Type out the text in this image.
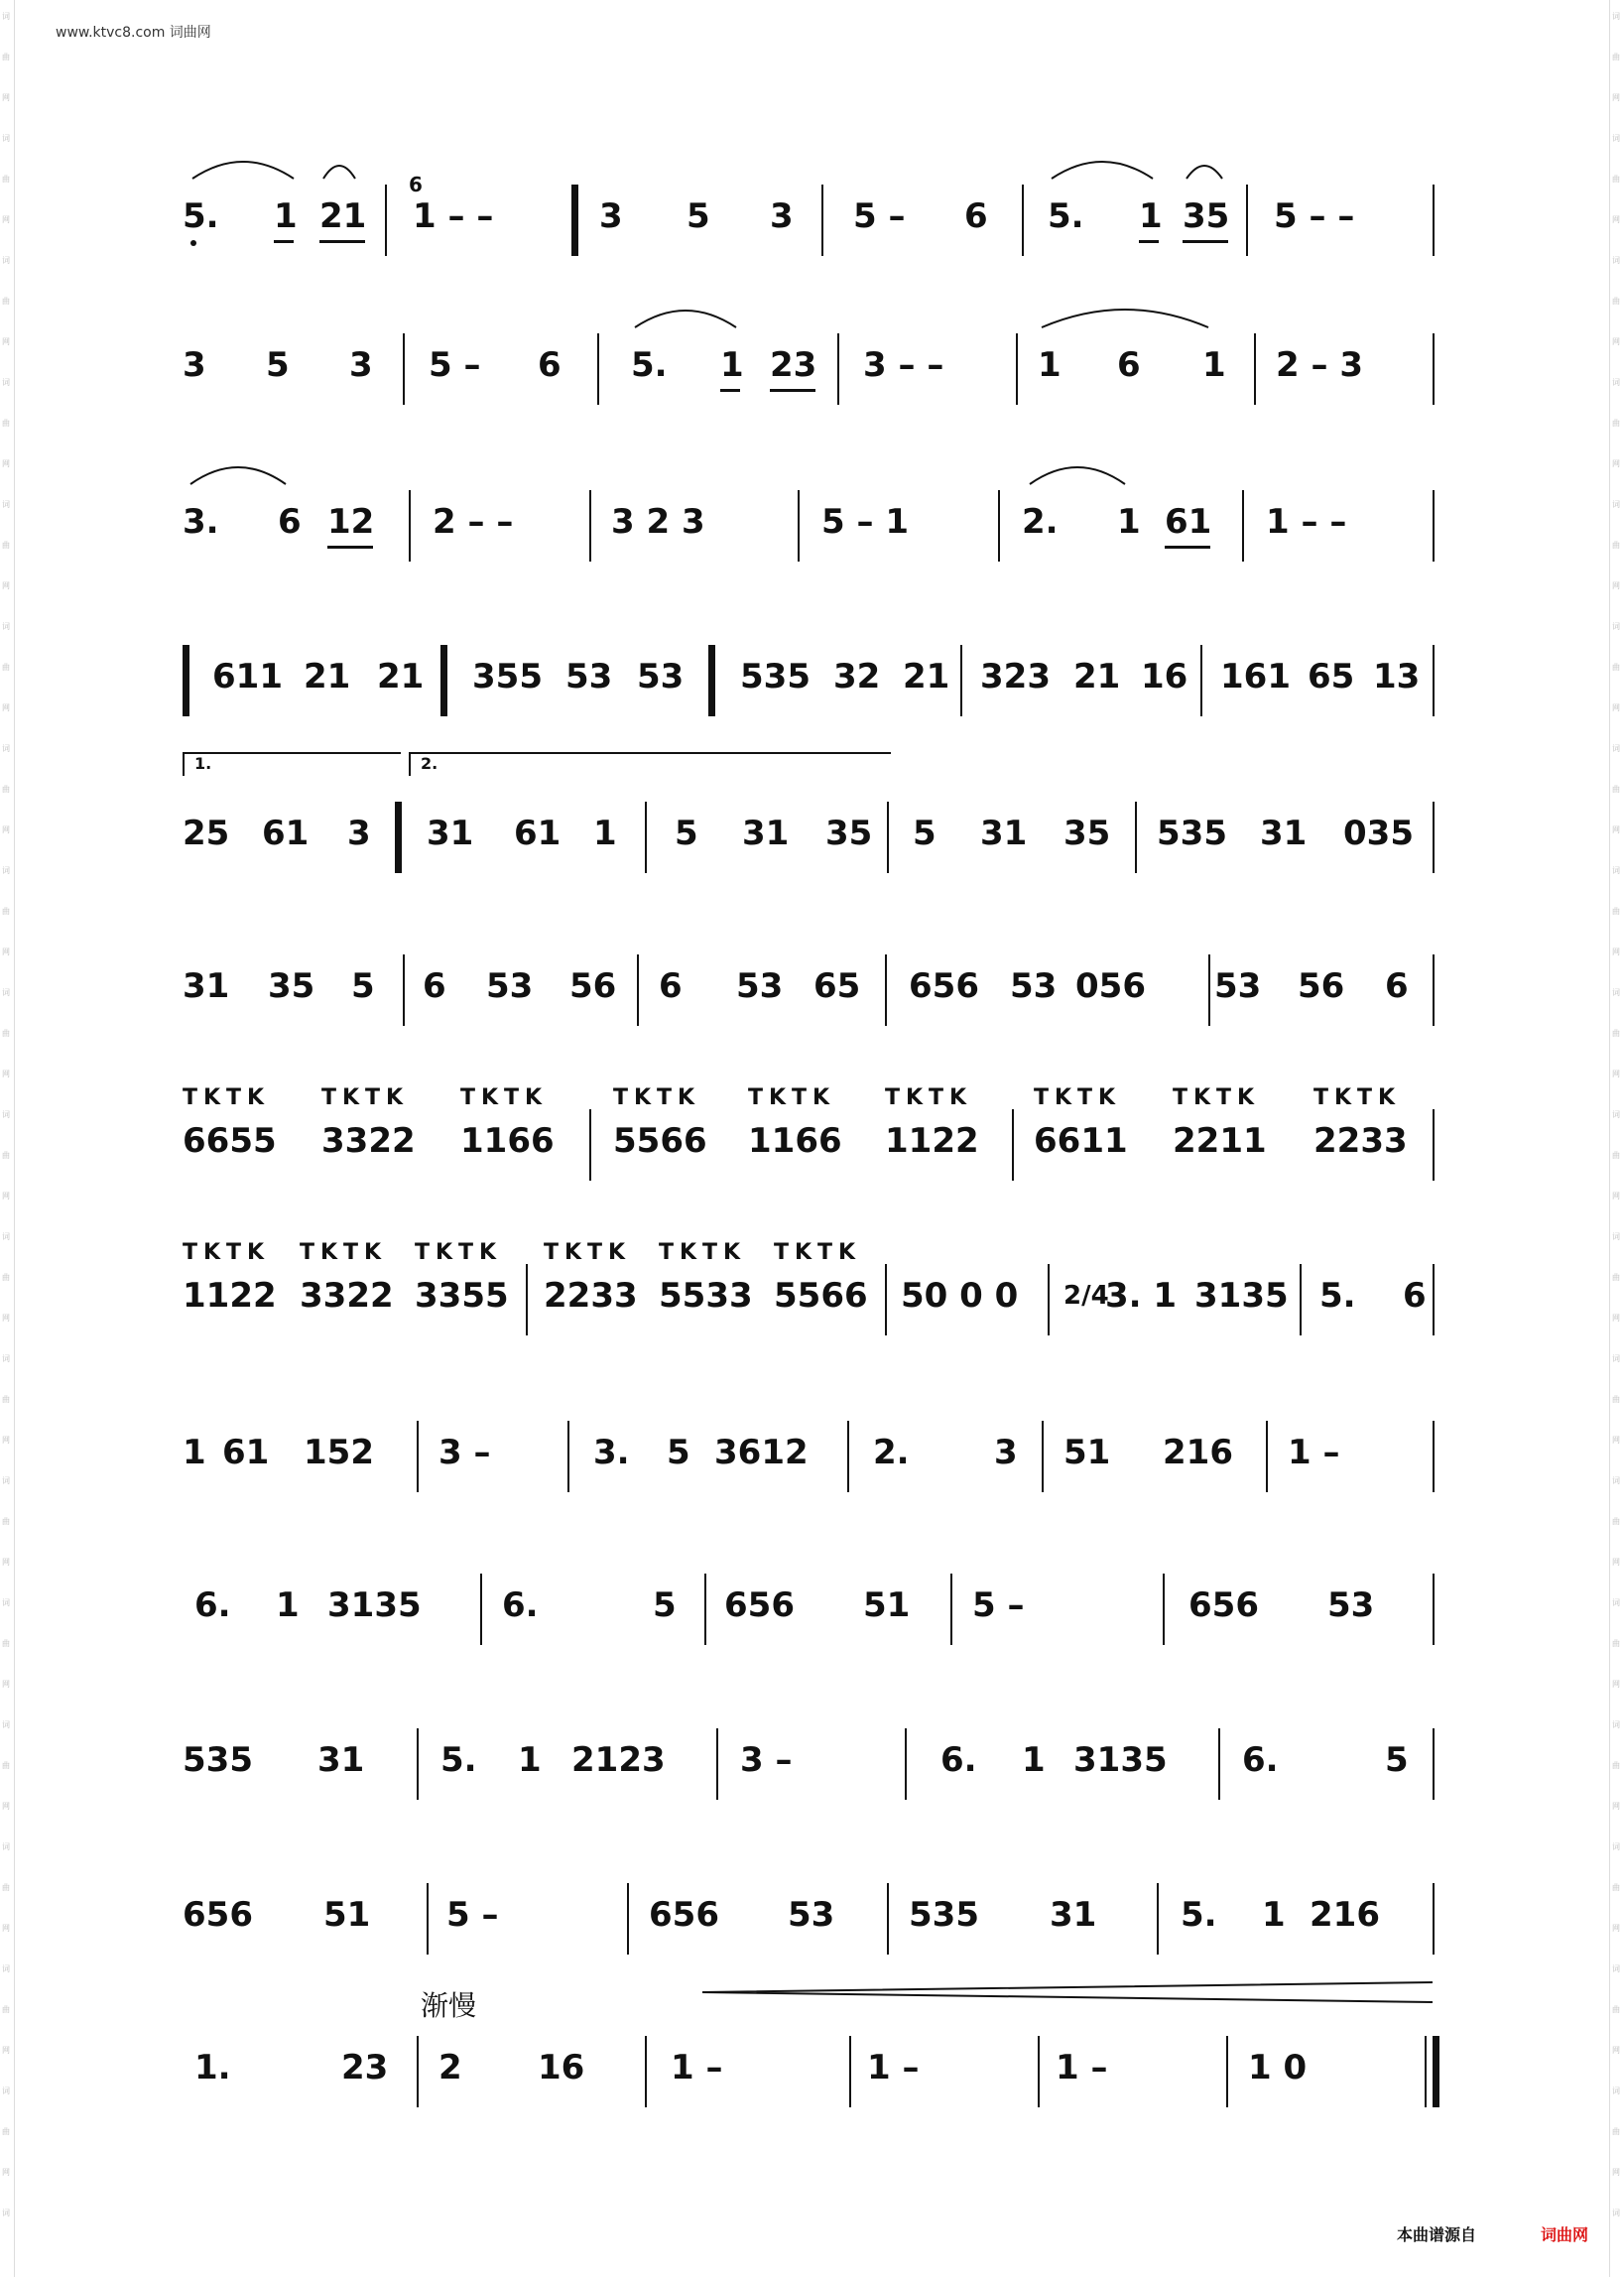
www.ktvc8.com 词曲网
词
曲
网
词
曲
网
词
曲
网
词
曲
网
词
曲
网
词
曲
网
词
曲
网
词
曲
网
词
曲
网
词
曲
网
词
曲
网
词
曲
网
词
曲
网
词
曲
网
词
曲
网
词
曲
网
词
曲
网
词
曲
网
词
词
曲
网
词
曲
网
词
曲
网
词
曲
网
词
曲
网
词
曲
网
词
曲
网
词
曲
网
词
曲
网
词
曲
网
词
曲
网
词
曲
网
词
曲
网
词
曲
网
词
曲
网
词
曲
网
词
曲
网
词
曲
网
词
5. 1 21
6
1 – –	3 5 3 5 – 6 5. 1 35 5 – –
3 5 3 5 – 6 5. 1 23 3 – –	1 6 1 2 – 3
3. 6 12 2 – –	3 2 3	5 – 1	2. 1 61 1 – –
611 21 21 355 53 53 535 32 21 323 21 16 161 65 13
1.	2.
25 61 3 31 61 1 5 31 35 5 31 35 535 31 035
31 35 5 6 53 56 6 53 65 656 53 056 53 56 6
TKTK TKTK TKTK	TKTK TKTK TKTK	TKTK TKTK TKTK
6655 3322 1166 5566 1166 1122 6611 2211 2233
TKTK TKTK TKTK TKTK TKTK TKTK
1122 3322 3355 2233 5533 5566 50 0 0 2/4
3. 1 3135 5. 6
1 61 152 3 –	3. 5 3612 2.	3 51 216 1 –
6. 1 3135 6.	5 656 51 5 –	656 53
535 31 5. 1 2123 3 –	6. 1 3135 6.	5
656 51 5 –	656 53 535 31 5. 1 216
渐慢
1.	23 2 16	1 –	1 –	1 –	1 0
本曲谱源自	词曲网
